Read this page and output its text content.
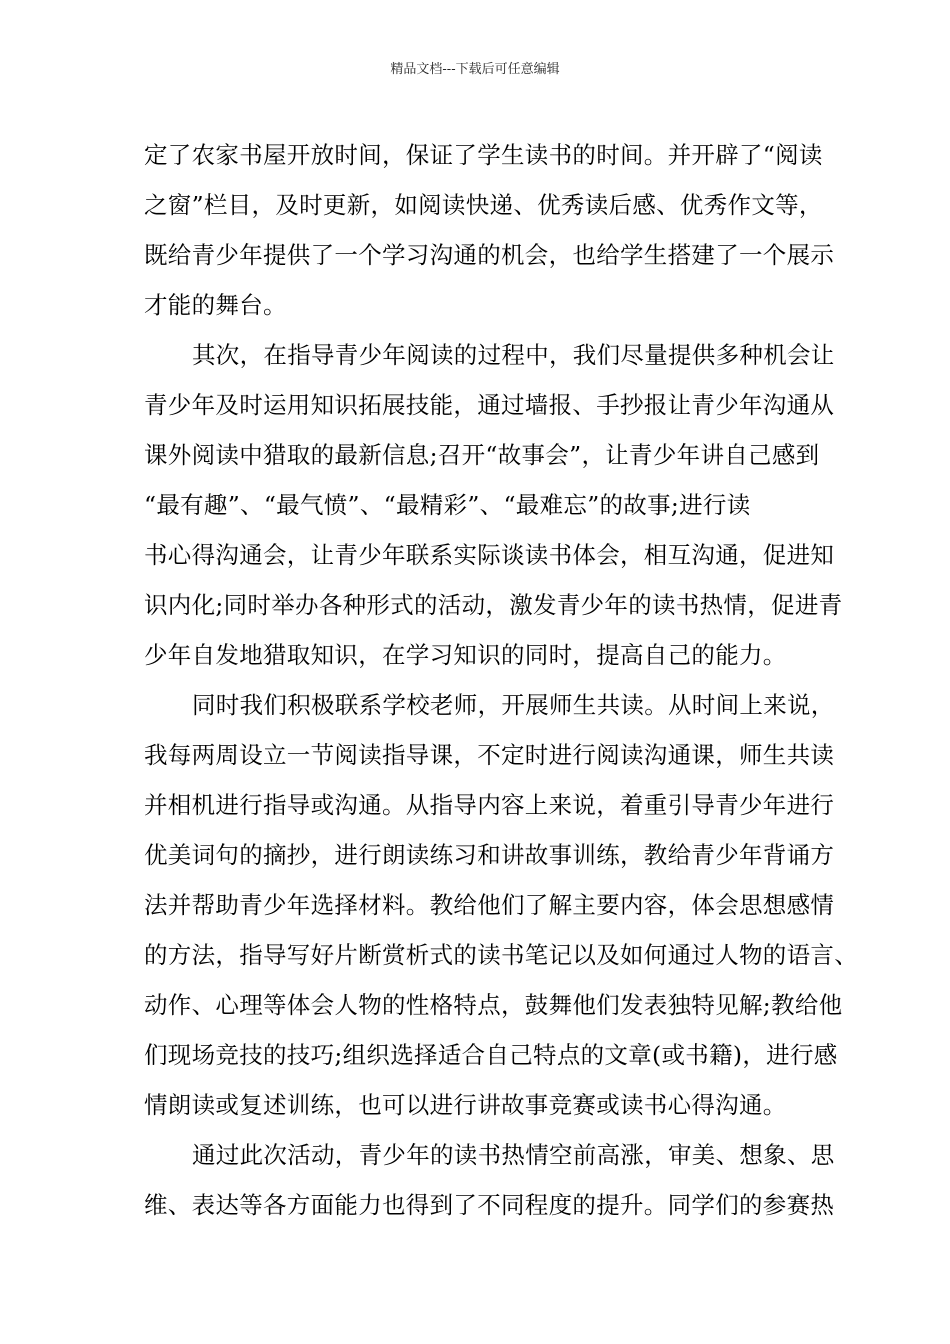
精品文档---下载后可任意编辑
定了农家书屋开放时间，保证了学生读书的时间。并开辟了“阅读
之窗”栏目，及时更新，如阅读快递、优秀读后感、优秀作文等，
既给青少年提供了一个学习沟通的机会，也给学生搭建了一个展示
才能的舞台。
其次，在指导青少年阅读的过程中，我们尽量提供多种机会让
青少年及时运用知识拓展技能，通过墙报、手抄报让青少年沟通从
课外阅读中猎取的最新信息;召开“故事会”，让青少年讲自己感到
“最有趣”、“最气愤”、“最精彩”、“最难忘”的故事;进行读
书心得沟通会，让青少年联系实际谈读书体会，相互沟通，促进知
识内化;同时举办各种形式的活动，激发青少年的读书热情，促进青
少年自发地猎取知识，在学习知识的同时，提高自己的能力。
同时我们积极联系学校老师，开展师生共读。从时间上来说，
我每两周设立一节阅读指导课，不定时进行阅读沟通课，师生共读
并相机进行指导或沟通。从指导内容上来说，着重引导青少年进行
优美词句的摘抄，进行朗读练习和讲故事训练，教给青少年背诵方
法并帮助青少年选择材料。教给他们了解主要内容，体会思想感情
的方法，指导写好片断赏析式的读书笔记以及如何通过人物的语言、
动作、心理等体会人物的性格特点，鼓舞他们发表独特见解;教给他
们现场竞技的技巧;组织选择适合自己特点的文章(或书籍)，进行感
情朗读或复述训练，也可以进行讲故事竞赛或读书心得沟通。
通过此次活动，青少年的读书热情空前高涨，审美、想象、思
维、表达等各方面能力也得到了不同程度的提升。同学们的参赛热
